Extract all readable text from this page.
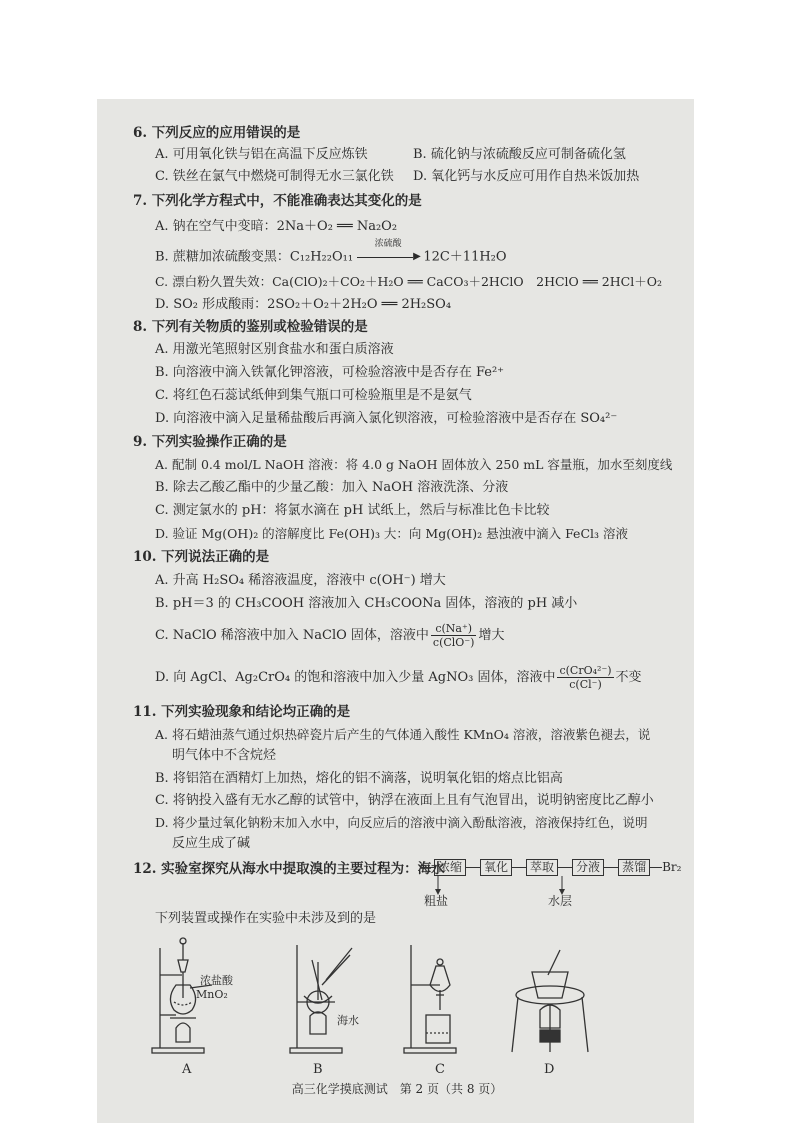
6. 下列反应的应用错误的是
A. 可用氧化铁与铝在高温下反应炼铁	B. 硫化钠与浓硫酸反应可制备硫化氢
C. 铁丝在氯气中燃烧可制得无水三氯化铁 D. 氧化钙与水反应可用作自热米饭加热
7. 下列化学方程式中，不能准确表达其变化的是
A. 钠在空气中变暗：2Na＋O₂ ══ Na₂O₂
B. 蔗糖加浓硫酸变黑：C₁₂H₂₂O₁₁
浓硫酸
▶ 12C＋11H₂O
C. 漂白粉久置失效：Ca(ClO)₂＋CO₂＋H₂O ══ CaCO₃＋2HClO　2HClO ══ 2HCl＋O₂
D. SO₂ 形成酸雨：2SO₂＋O₂＋2H₂O ══ 2H₂SO₄
8. 下列有关物质的鉴别或检验错误的是
A. 用激光笔照射区别食盐水和蛋白质溶液
B. 向溶液中滴入铁氰化钾溶液，可检验溶液中是否存在 Fe²⁺
C. 将红色石蕊试纸伸到集气瓶口可检验瓶里是不是氨气
D. 向溶液中滴入足量稀盐酸后再滴入氯化钡溶液，可检验溶液中是否存在 SO₄²⁻
9. 下列实验操作正确的是
A. 配制 0.4 mol/L NaOH 溶液：将 4.0 g NaOH 固体放入 250 mL 容量瓶，加水至刻度线
B. 除去乙酸乙酯中的少量乙酸：加入 NaOH 溶液洗涤、分液
C. 测定氯水的 pH：将氯水滴在 pH 试纸上，然后与标准比色卡比较
D. 验证 Mg(OH)₂ 的溶解度比 Fe(OH)₃ 大：向 Mg(OH)₂ 悬浊液中滴入 FeCl₃ 溶液
10. 下列说法正确的是
A. 升高 H₂SO₄ 稀溶液温度，溶液中 c(OH⁻) 增大
B. pH＝3 的 CH₃COOH 溶液加入 CH₃COONa 固体，溶液的 pH 减小
C. NaClO 稀溶液中加入 NaClO 固体，溶液中 $\frac{c(Na^+)}{\text{c(ClO⁻)}}$ 增大
D. 向 AgCl、Ag₂CrO₄ 的饱和溶液中加入少量 AgNO₃ 固体，溶液中 $\frac{\text{c(CrO₄²⁻)}}{c(Cl^-)}$ 不变
11. 下列实验现象和结论均正确的是
A. 将石蜡油蒸气通过炽热碎瓷片后产生的气体通入酸性 KMnO₄ 溶液，溶液紫色褪去，说
明气体中不含烷烃
B. 将铝箔在酒精灯上加热，熔化的铝不滴落，说明氧化铝的熔点比铝高
C. 将钠投入盛有无水乙醇的试管中，钠浮在液面上且有气泡冒出，说明钠密度比乙醇小
D. 将少量过氧化钠粉末加入水中，向反应后的溶液中滴入酚酞溶液，溶液保持红色，说明
反应生成了碱
12. 实验室探究从海水中提取溴的主要过程为：海水
浓缩 氧化 萃取 分液 蒸馏 Br₂
粗盐	水层
下列装置或操作在实验中未涉及到的是
浓盐酸
MnO₂
海水
A	B	C	D
高三化学摸底测试　第 2 页（共 8 页）
